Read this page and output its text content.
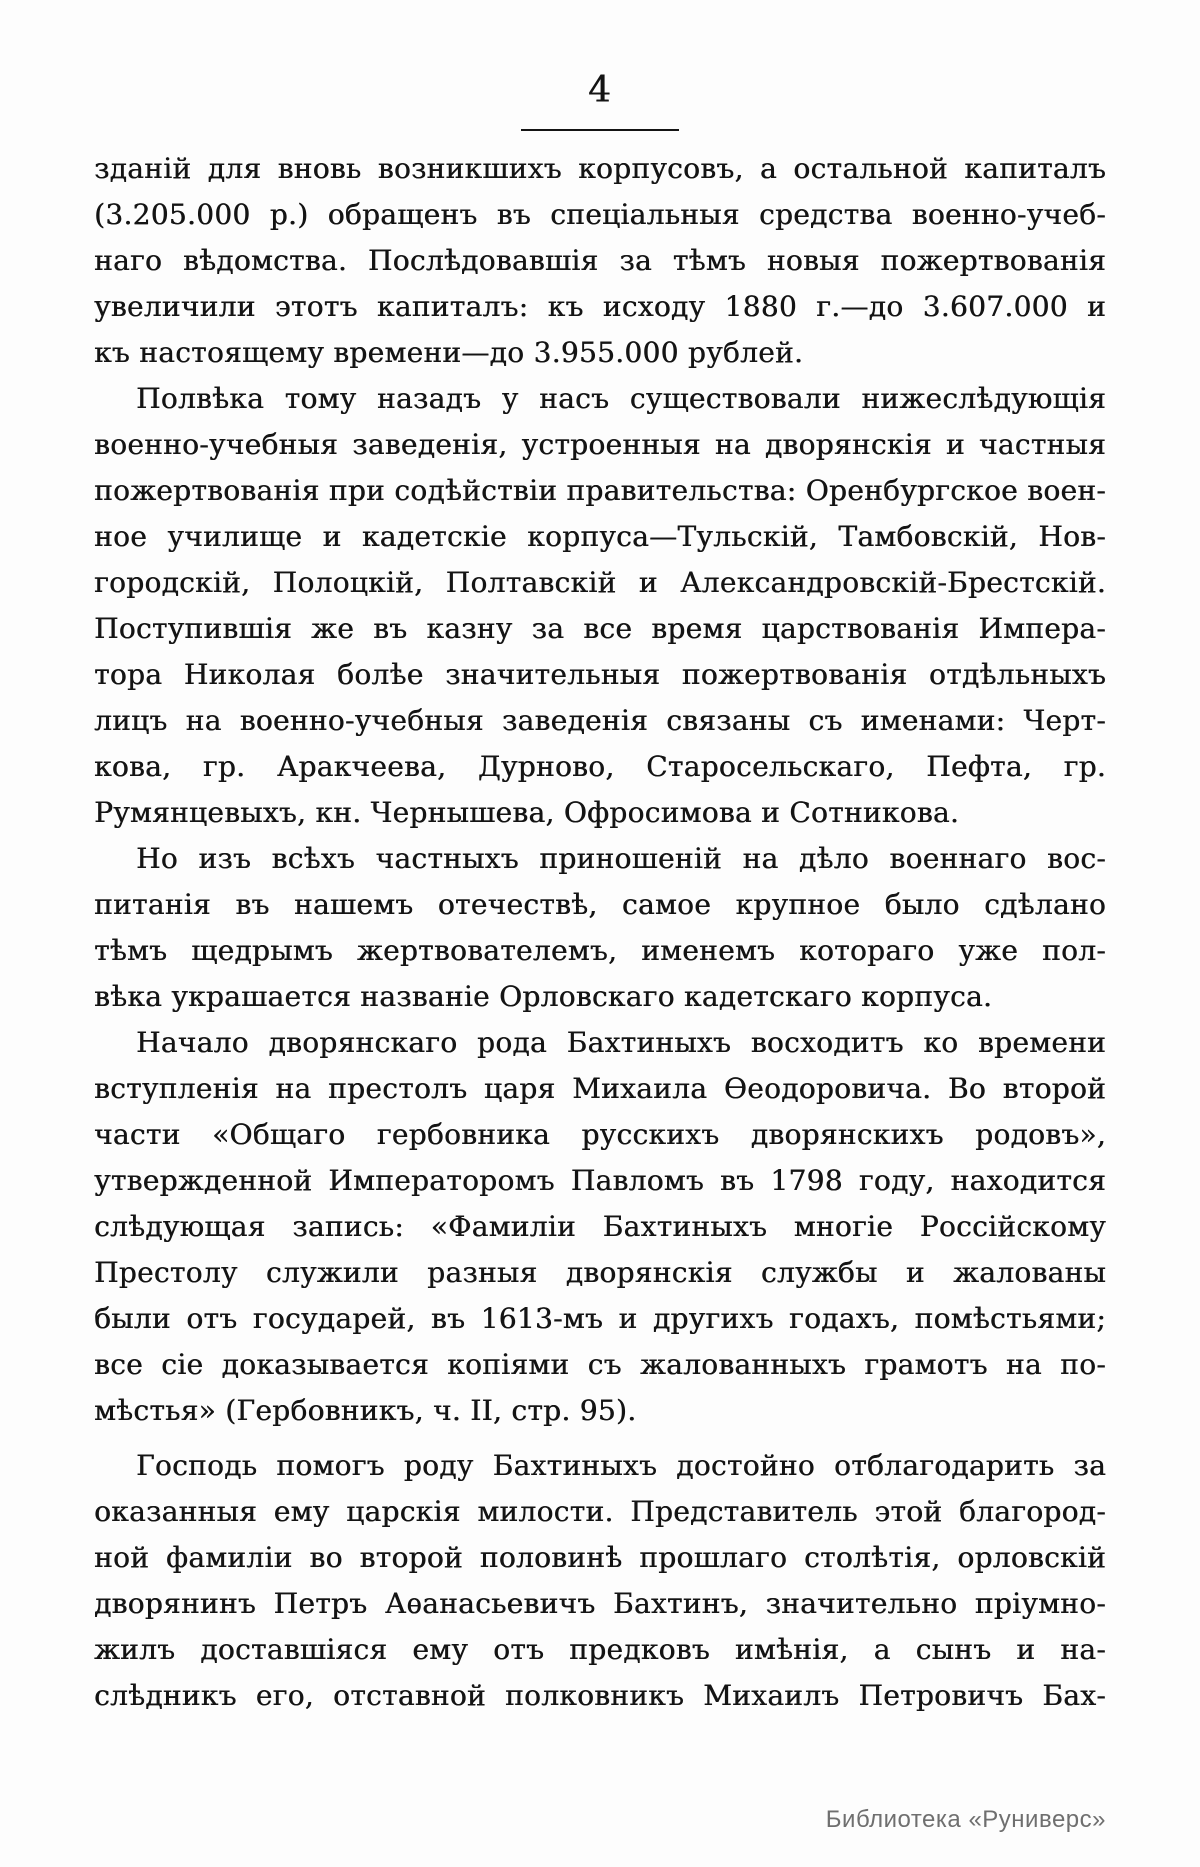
4

зданій для вновь возникшихъ корпусовъ, а остальной капиталъ
(3.205.000 р.) обращенъ въ спеціальныя средства военно-учеб-
наго вѣдомства. Послѣдовавшія за тѣмъ новыя пожертвованія
увеличили этотъ капиталъ: къ исходу 1880 г.—до 3.607.000 и
къ настоящему времени—до 3.955.000 рублей.

Полвѣка тому назадъ у насъ существовали нижеслѣдующія
военно-учебныя заведенія, устроенныя на дворянскія и частныя
пожертвованія при содѣйствіи правительства: Оренбургское воен-
ное училище и кадетскіе корпуса—Тульскій, Тамбовскій, Нов-
городскій, Полоцкій, Полтавскій и Александровскій-Брестскій.
Поступившія же въ казну за все время царствованія Импера-
тора Николая болѣе значительныя пожертвованія отдѣльныхъ
лицъ на военно-учебныя заведенія связаны съ именами: Черт-
кова, гр. Аракчеева, Дурново, Старосельскаго, Пефта, гр.
Румянцевыхъ, кн. Чернышева, Офросимова и Сотникова.

Но изъ всѣхъ частныхъ приношеній на дѣло военнаго вос-
питанія въ нашемъ отечествѣ, самое крупное было сдѣлано
тѣмъ щедрымъ жертвователемъ, именемъ котораго уже пол-
вѣка украшается названіе Орловскаго кадетскаго корпуса.

Начало дворянскаго рода Бахтиныхъ восходитъ ко времени
вступленія на престолъ царя Михаила Ѳеодоровича. Во второй
части «Общаго гербовника русскихъ дворянскихъ родовъ»,
утвержденной Императоромъ Павломъ въ 1798 году, находится
слѣдующая запись: «Фамиліи Бахтиныхъ многіе Россійскому
Престолу служили разныя дворянскія службы и жалованы
были отъ государей, въ 1613-мъ и другихъ годахъ, помѣстьями;
все сіе доказывается копіями съ жалованныхъ грамотъ на по-
мѣстья» (Гербовникъ, ч. II, стр. 95).

Господь помогъ роду Бахтиныхъ достойно отблагодарить за
оказанныя ему царскія милости. Представитель этой благород-
ной фамиліи во второй половинѣ прошлаго столѣтія, орловскій
дворянинъ Петръ Аѳанасьевичъ Бахтинъ, значительно пріумно-
жилъ доставшіяся ему отъ предковъ имѣнія, а сынъ и на-
слѣдникъ его, отставной полковникъ Михаилъ Петровичъ Бах-

Библиотека «Руниверс»
